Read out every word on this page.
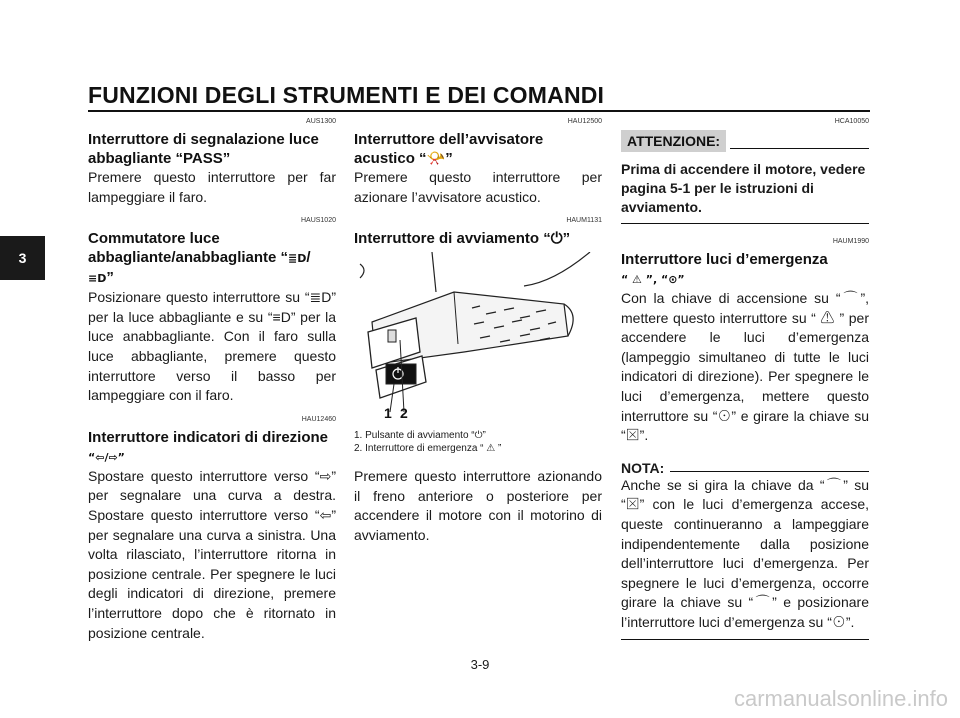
FUNZIONI DEGLI STRUMENTI E DEI COMANDI
3
AUS1300
Interruttore di segnalazione luce abbagliante “PASS”

Premere questo interruttore per far lampeggiare il faro.

HAUS1020
Commutatore luce
abbagliante/anabbagliante “≣D/≡D”

Posizionare questo interruttore su “≣D” per la luce abbagliante e su “≡D” per la luce anabbagliante. Con il faro sulla luce abbagliante, premere questo interruttore verso il basso per lampeggiare con il faro.

HAU12460
Interruttore indicatori di direzione
“⇦/⇨”

Spostare questo interruttore verso “⇨” per segnalare una curva a destra. Spostare questo interruttore verso “⇦” per segnalare una curva a sinistra. Una volta rilasciato, l’interruttore ritorna in posizione centrale. Per spegnere le luci degli indicatori di direzione, premere l’interruttore dopo che è ritornato in posizione centrale.

HAU12500
Interruttore dell’avvisatore
acustico “📯”

Premere questo interruttore per azionare l’avvisatore acustico.

HAUM1131
Interruttore di avviamento “⏻”
1 2

1. Pulsante di avviamento “⏻”

2. Interruttore di emergenza “ ⚠ ”

Premere questo interruttore azionando il freno anteriore o posteriore per accendere il motore con il motorino di avviamento.

HCA10050
ATTENZIONE:

Prima di accendere il motore, vedere pagina 5-1 per le istruzioni di avviamento.

HAUM1990
Interruttore luci d’emergenza
“ ⚠ ”, “⊙”

Con la chiave di accensione su “⌒”, mettere questo interruttore su “ ⚠ ” per accendere le luci d’emergenza (lampeggio simultaneo di tutte le luci indicatori di direzione). Per spegnere le luci d’emergenza, mettere questo interruttore su “⊙” e girare la chiave su “⊠”.

NOTA:

Anche se si gira la chiave da “⌒” su “⊠” con le luci d’emergenza accese, queste continueranno a lampeggiare indipendentemente dalla posizione dell’interruttore luci d’emergenza. Per spegnere le luci d’emergenza, occorre girare la chiave su “⌒” e posizionare l’interruttore luci d’emergenza su “⊙”.

3-9

carmanualsonline.info
